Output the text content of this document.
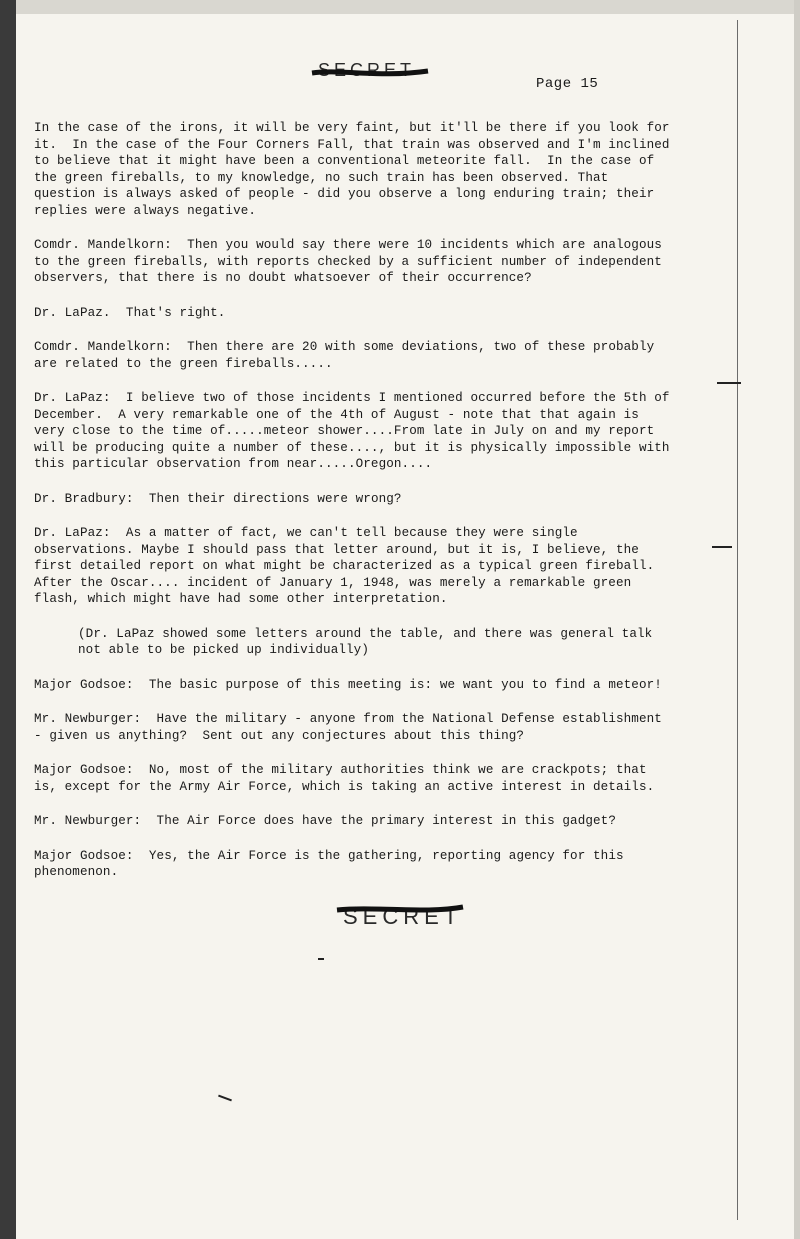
SECRET
Page 15

In the case of the irons, it will be very faint, but it'll be there if you look for it.  In the case of the Four Corners Fall, that train was observed and I'm inclined to believe that it might have been a conventional meteorite fall.  In the case of the green fireballs, to my knowledge, no such train has been observed. That question is always asked of people - did you observe a long enduring train; their replies were always negative.

Comdr. Mandelkorn: Then you would say there were 10 incidents which are analogous to the green fireballs, with reports checked by a sufficient number of independent observers, that there is no doubt whatsoever of their occurrence?

Dr. LaPaz. That's right.

Comdr. Mandelkorn: Then there are 20 with some deviations, two of these probably are related to the green fireballs.....

Dr. LaPaz: I believe two of those incidents I mentioned occurred before the 5th of December.  A very remarkable one of the 4th of August - note that that again is very close to the time of.....meteor shower....From late in July on and my report will be producing quite a number of these...., but it is physically impossible with this particular observation from near.....Oregon....

Dr. Bradbury: Then their directions were wrong?

Dr. LaPaz: As a matter of fact, we can't tell because they were single observations. Maybe I should pass that letter around, but it is, I believe, the first detailed report on what might be characterized as a typical green fireball.  After the Oscar.... incident of January 1, 1948, was merely a remarkable green flash, which might have had some other interpretation.

(Dr. LaPaz showed some letters around the table, and there was general talk not able to be picked up individually)

Major Godsoe: The basic purpose of this meeting is: we want you to find a meteor!

Mr. Newburger: Have the military - anyone from the National Defense establishment - given us anything?  Sent out any conjectures about this thing?

Major Godsoe: No, most of the military authorities think we are crackpots; that is, except for the Army Air Force, which is taking an active interest in details.

Mr. Newburger: The Air Force does have the primary interest in this gadget?

Major Godsoe: Yes, the Air Force is the gathering, reporting agency for this phenomenon.

SECRET
